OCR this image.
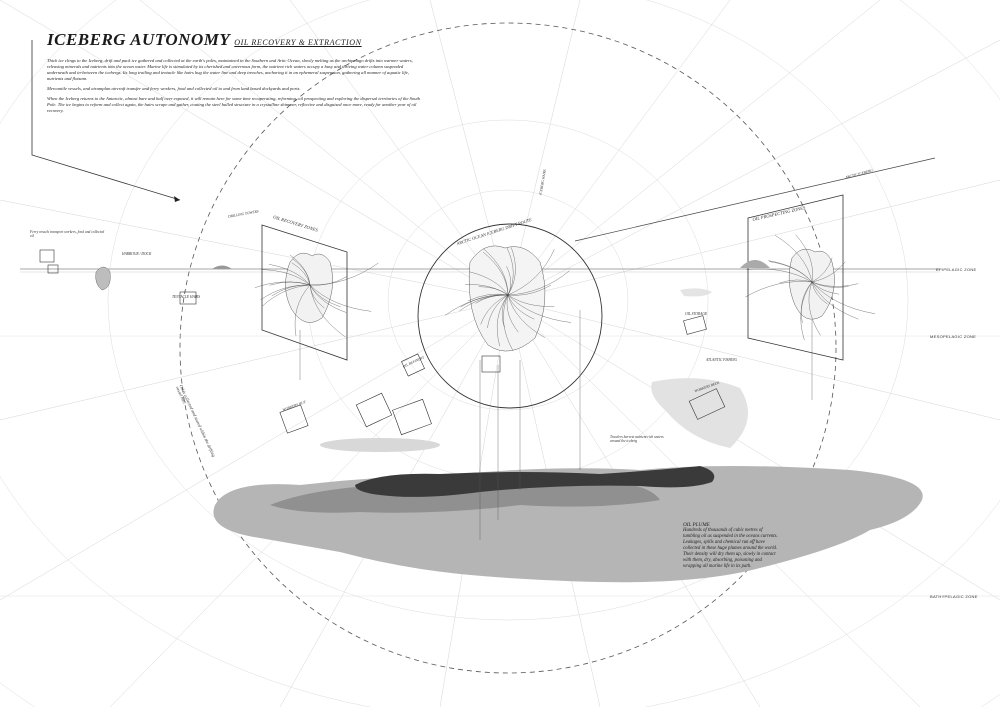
ICEBERG AUTONOMY OIL RECOVERY & EXTRACTION

Thick ice clings to the Iceberg, drift and pack ice gathered and collected at the earth's poles, maintained in the Southern and Artic Ocean, slowly melting as the archipelago drifts into warmer waters, releasing minerals and nutrients into the ocean water. Marine life is stimulated by its cherished and cavernous form, the nutrient rich waters occupy a busy and thriving water column suspended underneath and in-between the icebergs. Its long trailing and tentacle like hairs hug the water line and deep trenches, anchoring it in an ephemeral suspension, gathering all manner of aquatic life, nutrients and flotsam.

Mercantile vessels, and airamplan aircraft transfer and ferry workers, food and collected oil to and from land based dockyards and ports.

When the Iceberg returns to the Antarctic, almost bare and half over exposed, it will remain here for some time recuperating, reforming, oil prospecting and exploring the dispersal territories of the South Pole. The ice begins to reform and collect again, the hairs scrape and gather, coating the steel hulled structure in a crystalline shimmer, reflective and disguised once more, ready for another year of oil recovery.

EPIPELAGIC ZONE
MESOPELAGIC ZONE
BATHYPELAGIC ZONE
OIL RECOVERY ZONES
OIL PROSPECTING ZONES
ARCTIC OCEAN ICEBERG DRIFT ROUTE
TENTACLE HAIRS
OIL REFINERY
WORKERS HUT
OIL STORAGE
WORKERS BEDS
ATLANTIC FISHING
DRILLING TOWERS
HARBOUR / DOCK
Ferry vessels transport workers, food and collected oil
ARCTIC ICEBERG
Trawlers harvest nutrient rich waters around the iceberg
ICEBERG HAIRS
Oil is collected and stored within the drifting vessel hull
OIL PLUME
Hundreds of thousands of cubic metres of tumbling oil as suspended in the oceans currents. Leakages, spills and chemical run off have collected in these huge plumes around the world. Their density will dry them up, slowly in contact with them, dry, absorbing, poisoning and wrapping all marine life in its path.
